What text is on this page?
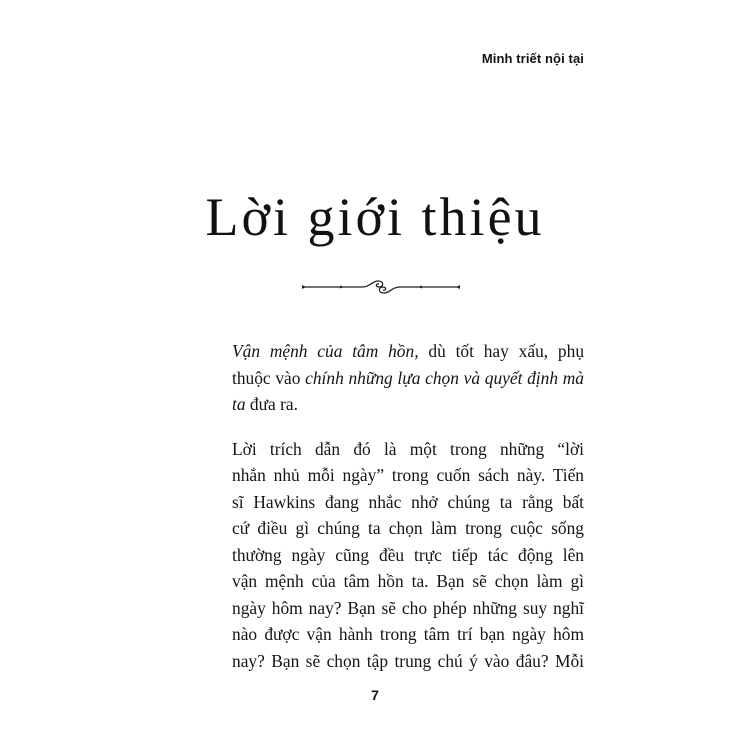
Minh triết nội tại
Lời giới thiệu

Vận mệnh của tâm hồn, dù tốt hay xấu, phụ
thuộc vào chính những lựa chọn và quyết định mà
ta đưa ra.

Lời trích dẫn đó là một trong những “lời
nhắn nhủ mỗi ngày” trong cuốn sách này. Tiến
sĩ Hawkins đang nhắc nhở chúng ta rằng bất
cứ điều gì chúng ta chọn làm trong cuộc sống
thường ngày cũng đều trực tiếp tác động lên
vận mệnh của tâm hồn ta. Bạn sẽ chọn làm gì
ngày hôm nay? Bạn sẽ cho phép những suy nghĩ
nào được vận hành trong tâm trí bạn ngày hôm
nay? Bạn sẽ chọn tập trung chú ý vào đâu? Mỗi

7
